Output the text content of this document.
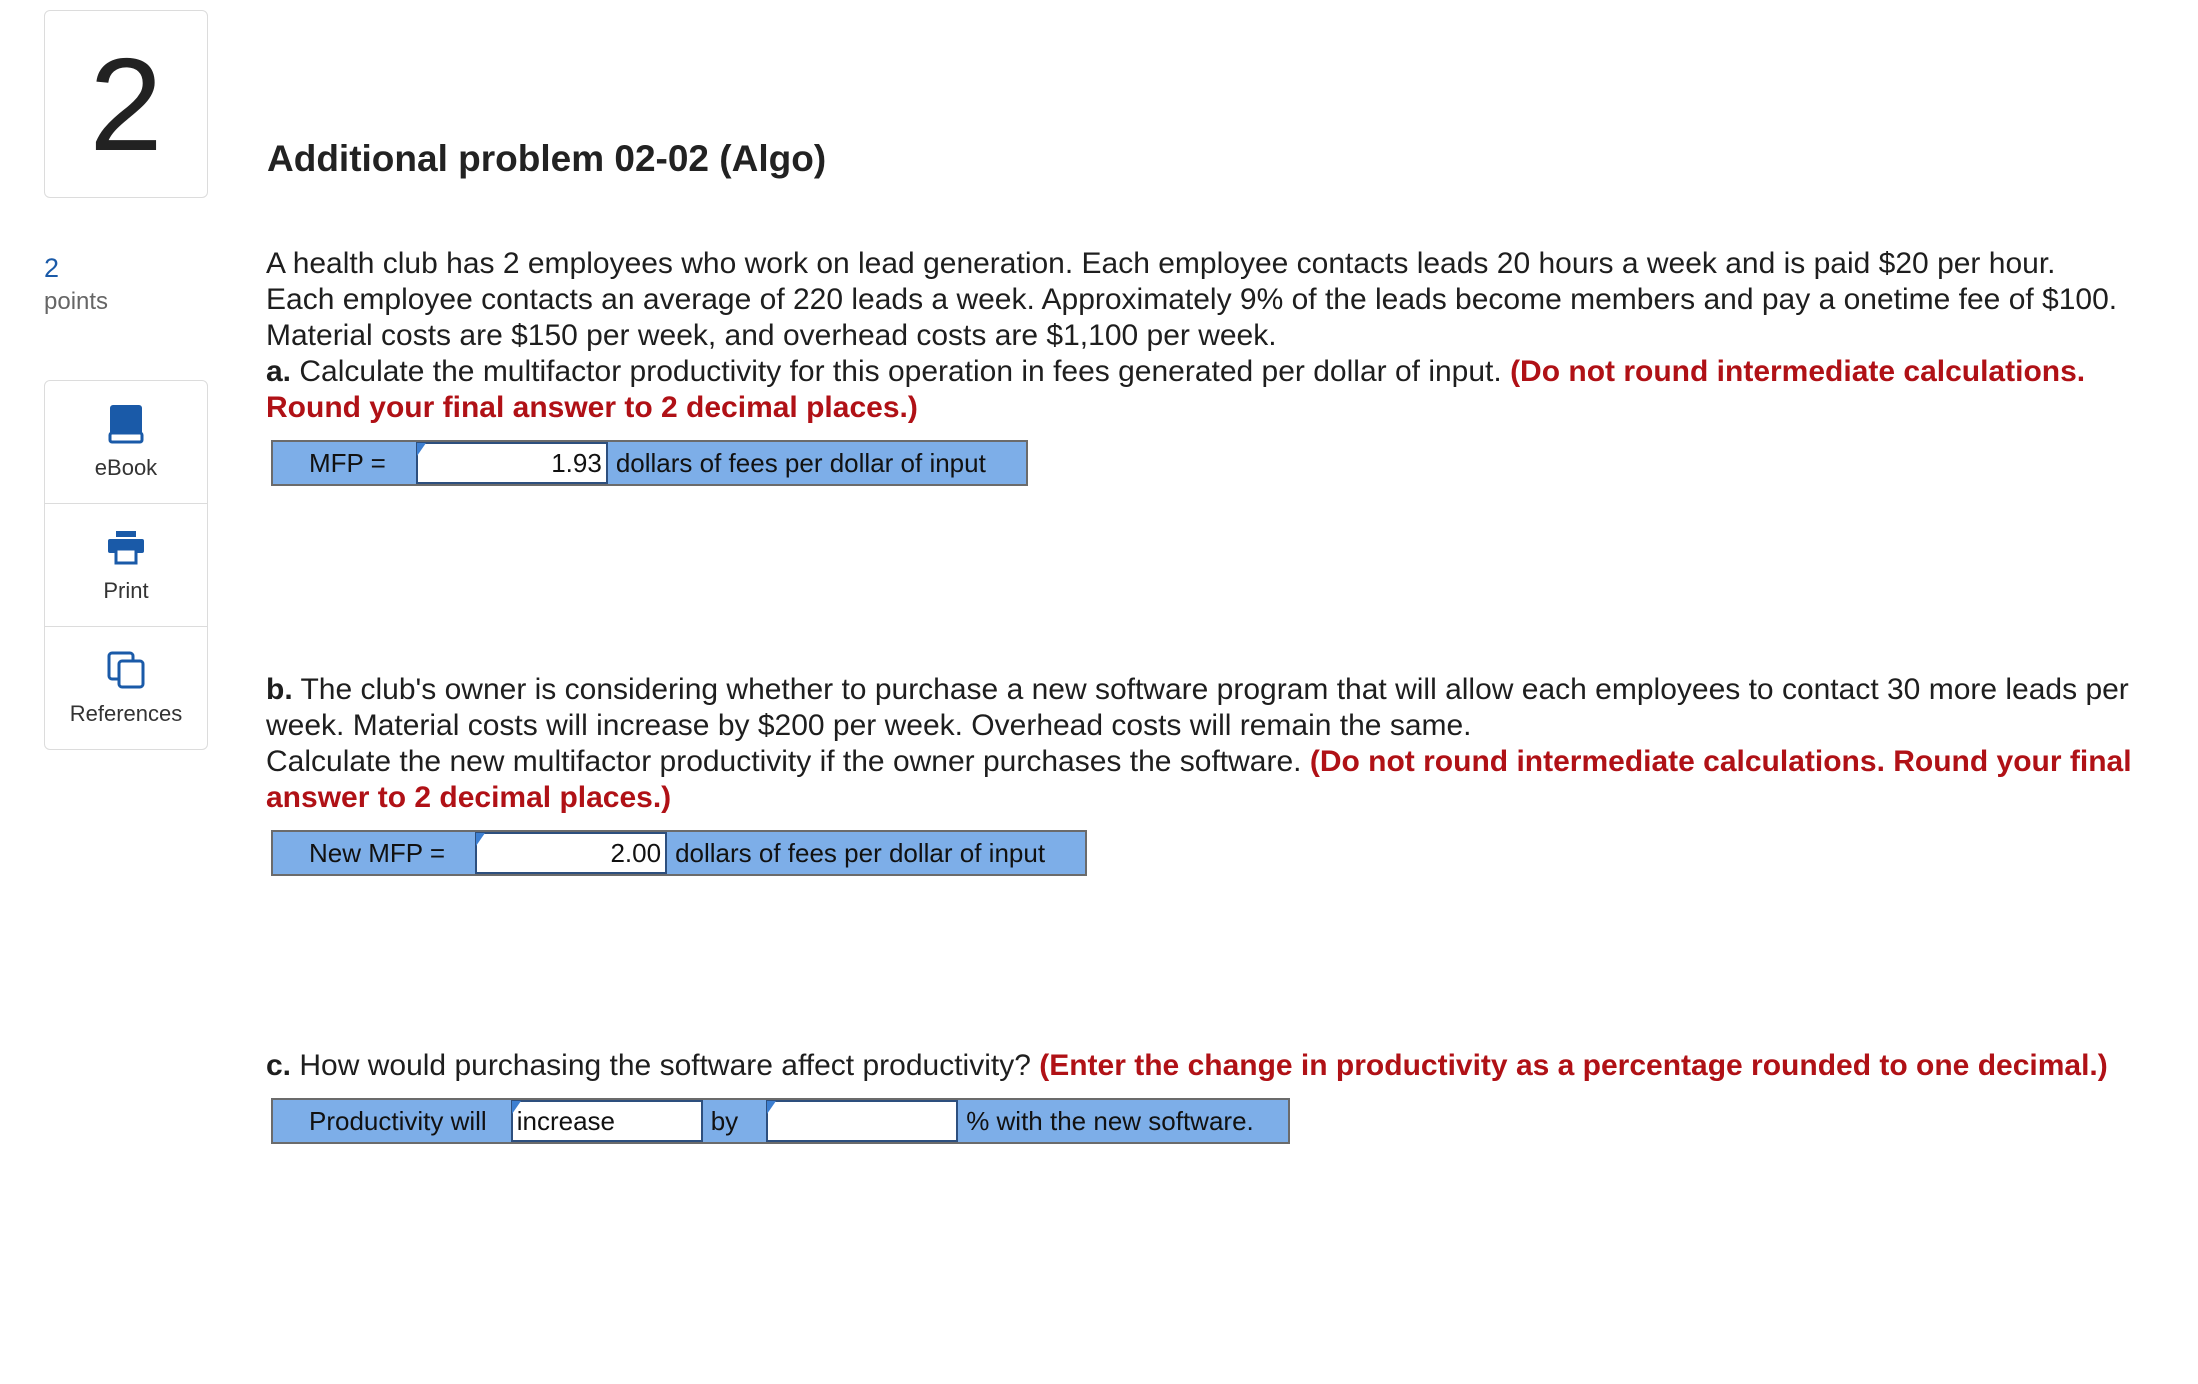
2	Additional problem 02-02 (Algo)
2
points
eBook
Print
References

A health club has 2 employees who work on lead generation. Each employee contacts leads 20 hours a week and is paid $20 per hour.

Each employee contacts an average of 220 leads a week. Approximately 9% of the leads become members and pay a onetime fee of $100.

Material costs are $150 per week, and overhead costs are $1,100 per week.

a. Calculate the multifactor productivity for this operation in fees generated per dollar of input. (Do not round intermediate calculations. Round your final answer to 2 decimal places.)

MFP =	1.93 dollars of fees per dollar of input

b. The club's owner is considering whether to purchase a new software program that will allow each employees to contact 30 more leads per week. Material costs will increase by $200 per week. Overhead costs will remain the same.

Calculate the new multifactor productivity if the owner purchases the software. (Do not round intermediate calculations. Round your final answer to 2 decimal places.)

New MFP =	2.00 dollars of fees per dollar of input

c. How would purchasing the software affect productivity? (Enter the change in productivity as a percentage rounded to one decimal.)

Productivity will	increase	by	% with the new software.
